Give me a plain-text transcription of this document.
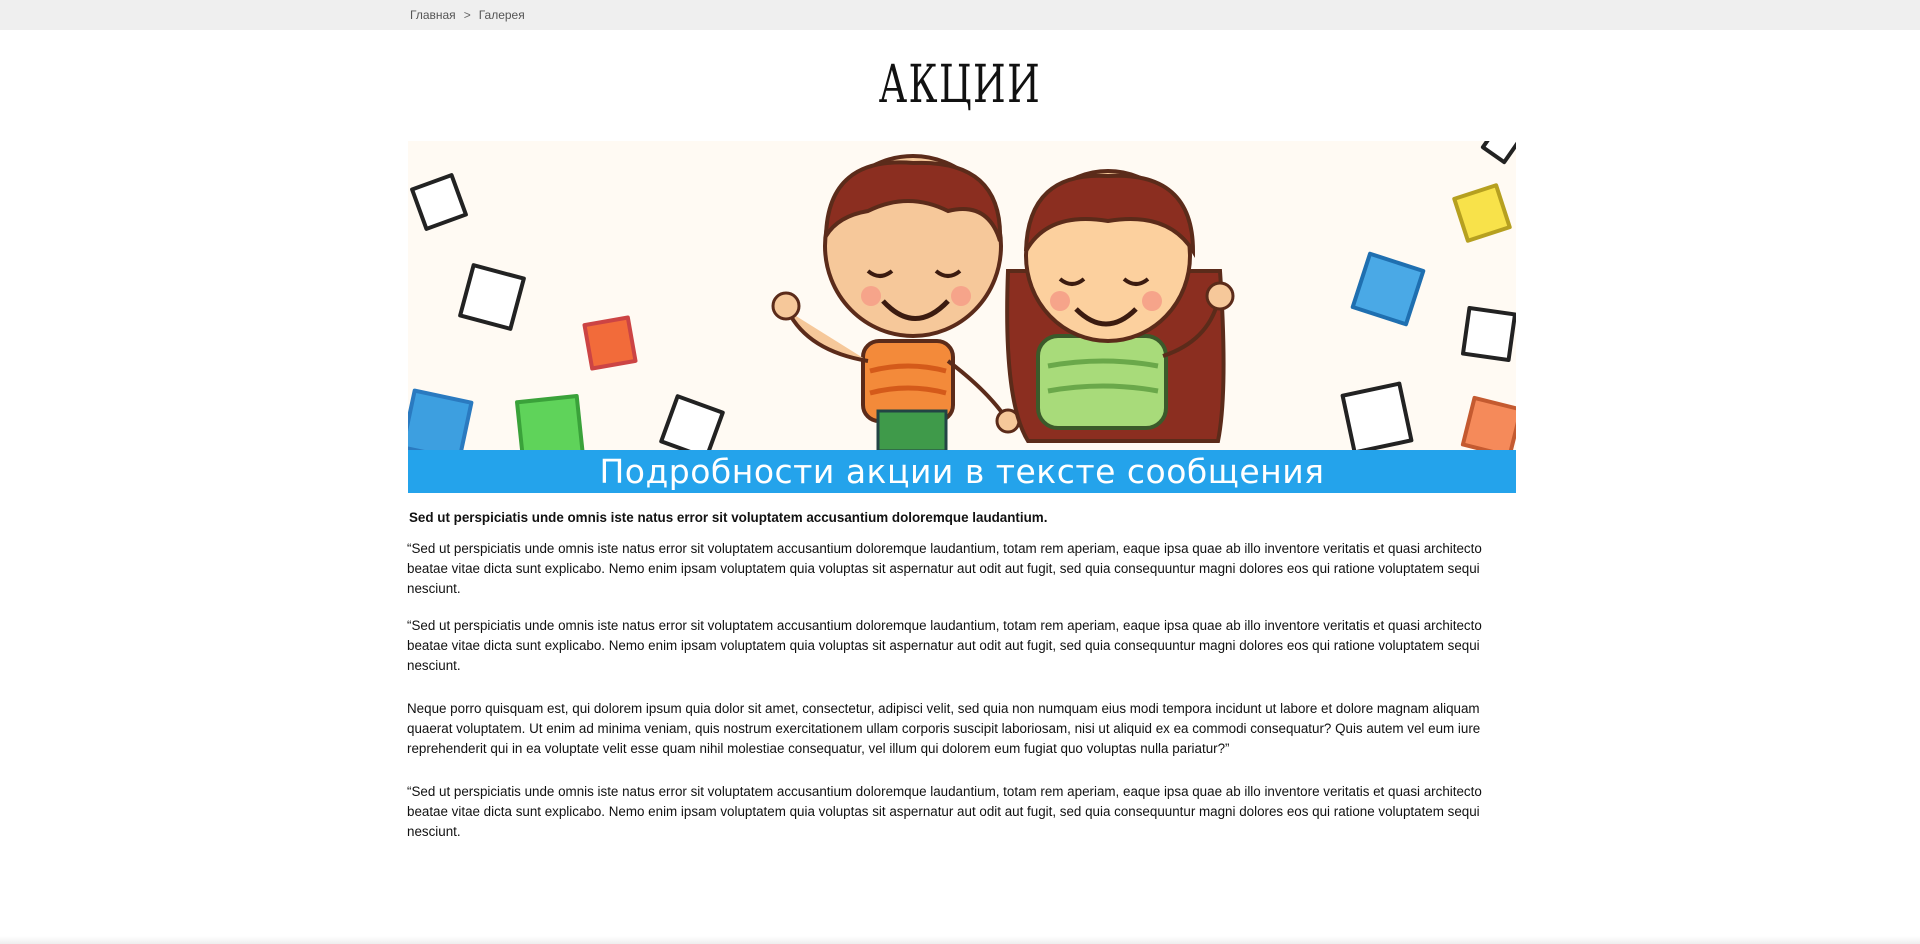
Главная > Галерея
АКЦИИ
Подробности акции в тексте сообщения
Sed ut perspiciatis unde omnis iste natus error sit voluptatem accusantium doloremque laudantium.

“Sed ut perspiciatis unde omnis iste natus error sit voluptatem accusantium doloremque laudantium, totam rem aperiam, eaque ipsa quae ab illo inventore veritatis et quasi architecto beatae vitae dicta sunt explicabo. Nemo enim ipsam voluptatem quia voluptas sit aspernatur aut odit aut fugit, sed quia consequuntur magni dolores eos qui ratione voluptatem sequi nesciunt.

“Sed ut perspiciatis unde omnis iste natus error sit voluptatem accusantium doloremque laudantium, totam rem aperiam, eaque ipsa quae ab illo inventore veritatis et quasi architecto beatae vitae dicta sunt explicabo. Nemo enim ipsam voluptatem quia voluptas sit aspernatur aut odit aut fugit, sed quia consequuntur magni dolores eos qui ratione voluptatem sequi nesciunt.

Neque porro quisquam est, qui dolorem ipsum quia dolor sit amet, consectetur, adipisci velit, sed quia non numquam eius modi tempora incidunt ut labore et dolore magnam aliquam quaerat voluptatem. Ut enim ad minima veniam, quis nostrum exercitationem ullam corporis suscipit laboriosam, nisi ut aliquid ex ea commodi consequatur? Quis autem vel eum iure reprehenderit qui in ea voluptate velit esse quam nihil molestiae consequatur, vel illum qui dolorem eum fugiat quo voluptas nulla pariatur?”

“Sed ut perspiciatis unde omnis iste natus error sit voluptatem accusantium doloremque laudantium, totam rem aperiam, eaque ipsa quae ab illo inventore veritatis et quasi architecto beatae vitae dicta sunt explicabo. Nemo enim ipsam voluptatem quia voluptas sit aspernatur aut odit aut fugit, sed quia consequuntur magni dolores eos qui ratione voluptatem sequi nesciunt.
